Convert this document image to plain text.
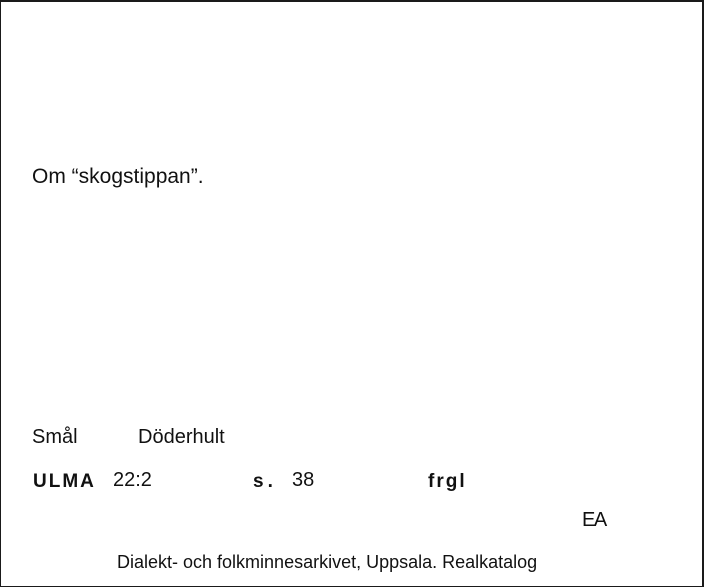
Om “skogstippan”.
Smål	Döderhult
ULMA 22:2	s. 38	frgl
EA
Dialekt- och folkminnesarkivet, Uppsala. Realkatalog
